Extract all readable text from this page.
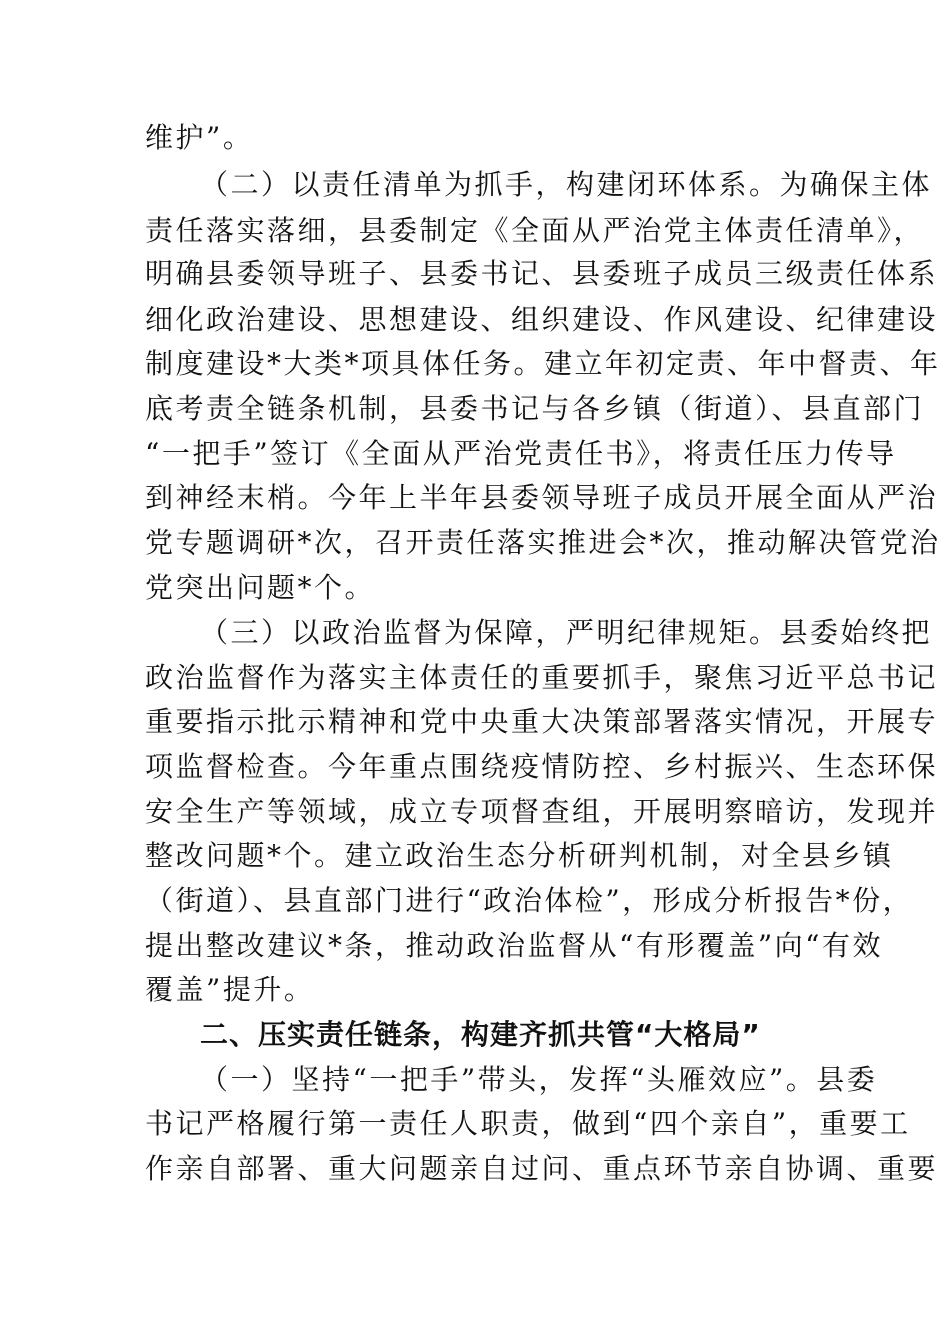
维护”。
（二）以责任清单为抓手，构建闭环体系。为确保主体
责任落实落细，县委制定《全面从严治党主体责任清单》，
明确县委领导班子、县委书记、县委班子成员三级责任体系
细化政治建设、思想建设、组织建设、作风建设、纪律建设
制度建设*大类*项具体任务。建立年初定责、年中督责、年
底考责全链条机制，县委书记与各乡镇（街道）、县直部门
“一把手”签订《全面从严治党责任书》，将责任压力传导
到神经末梢。今年上半年县委领导班子成员开展全面从严治
党专题调研*次，召开责任落实推进会*次，推动解决管党治
党突出问题*个。
（三）以政治监督为保障，严明纪律规矩。县委始终把
政治监督作为落实主体责任的重要抓手，聚焦习近平总书记
重要指示批示精神和党中央重大决策部署落实情况，开展专
项监督检查。今年重点围绕疫情防控、乡村振兴、生态环保
安全生产等领域，成立专项督查组，开展明察暗访，发现并
整改问题*个。建立政治生态分析研判机制，对全县乡镇
（街道）、县直部门进行“政治体检”，形成分析报告*份，
提出整改建议*条，推动政治监督从“有形覆盖”向“有效
覆盖”提升。
二、压实责任链条，构建齐抓共管“大格局”
（一）坚持“一把手”带头，发挥“头雁效应”。县委
书记严格履行第一责任人职责，做到“四个亲自”，重要工
作亲自部署、重大问题亲自过问、重点环节亲自协调、重要
